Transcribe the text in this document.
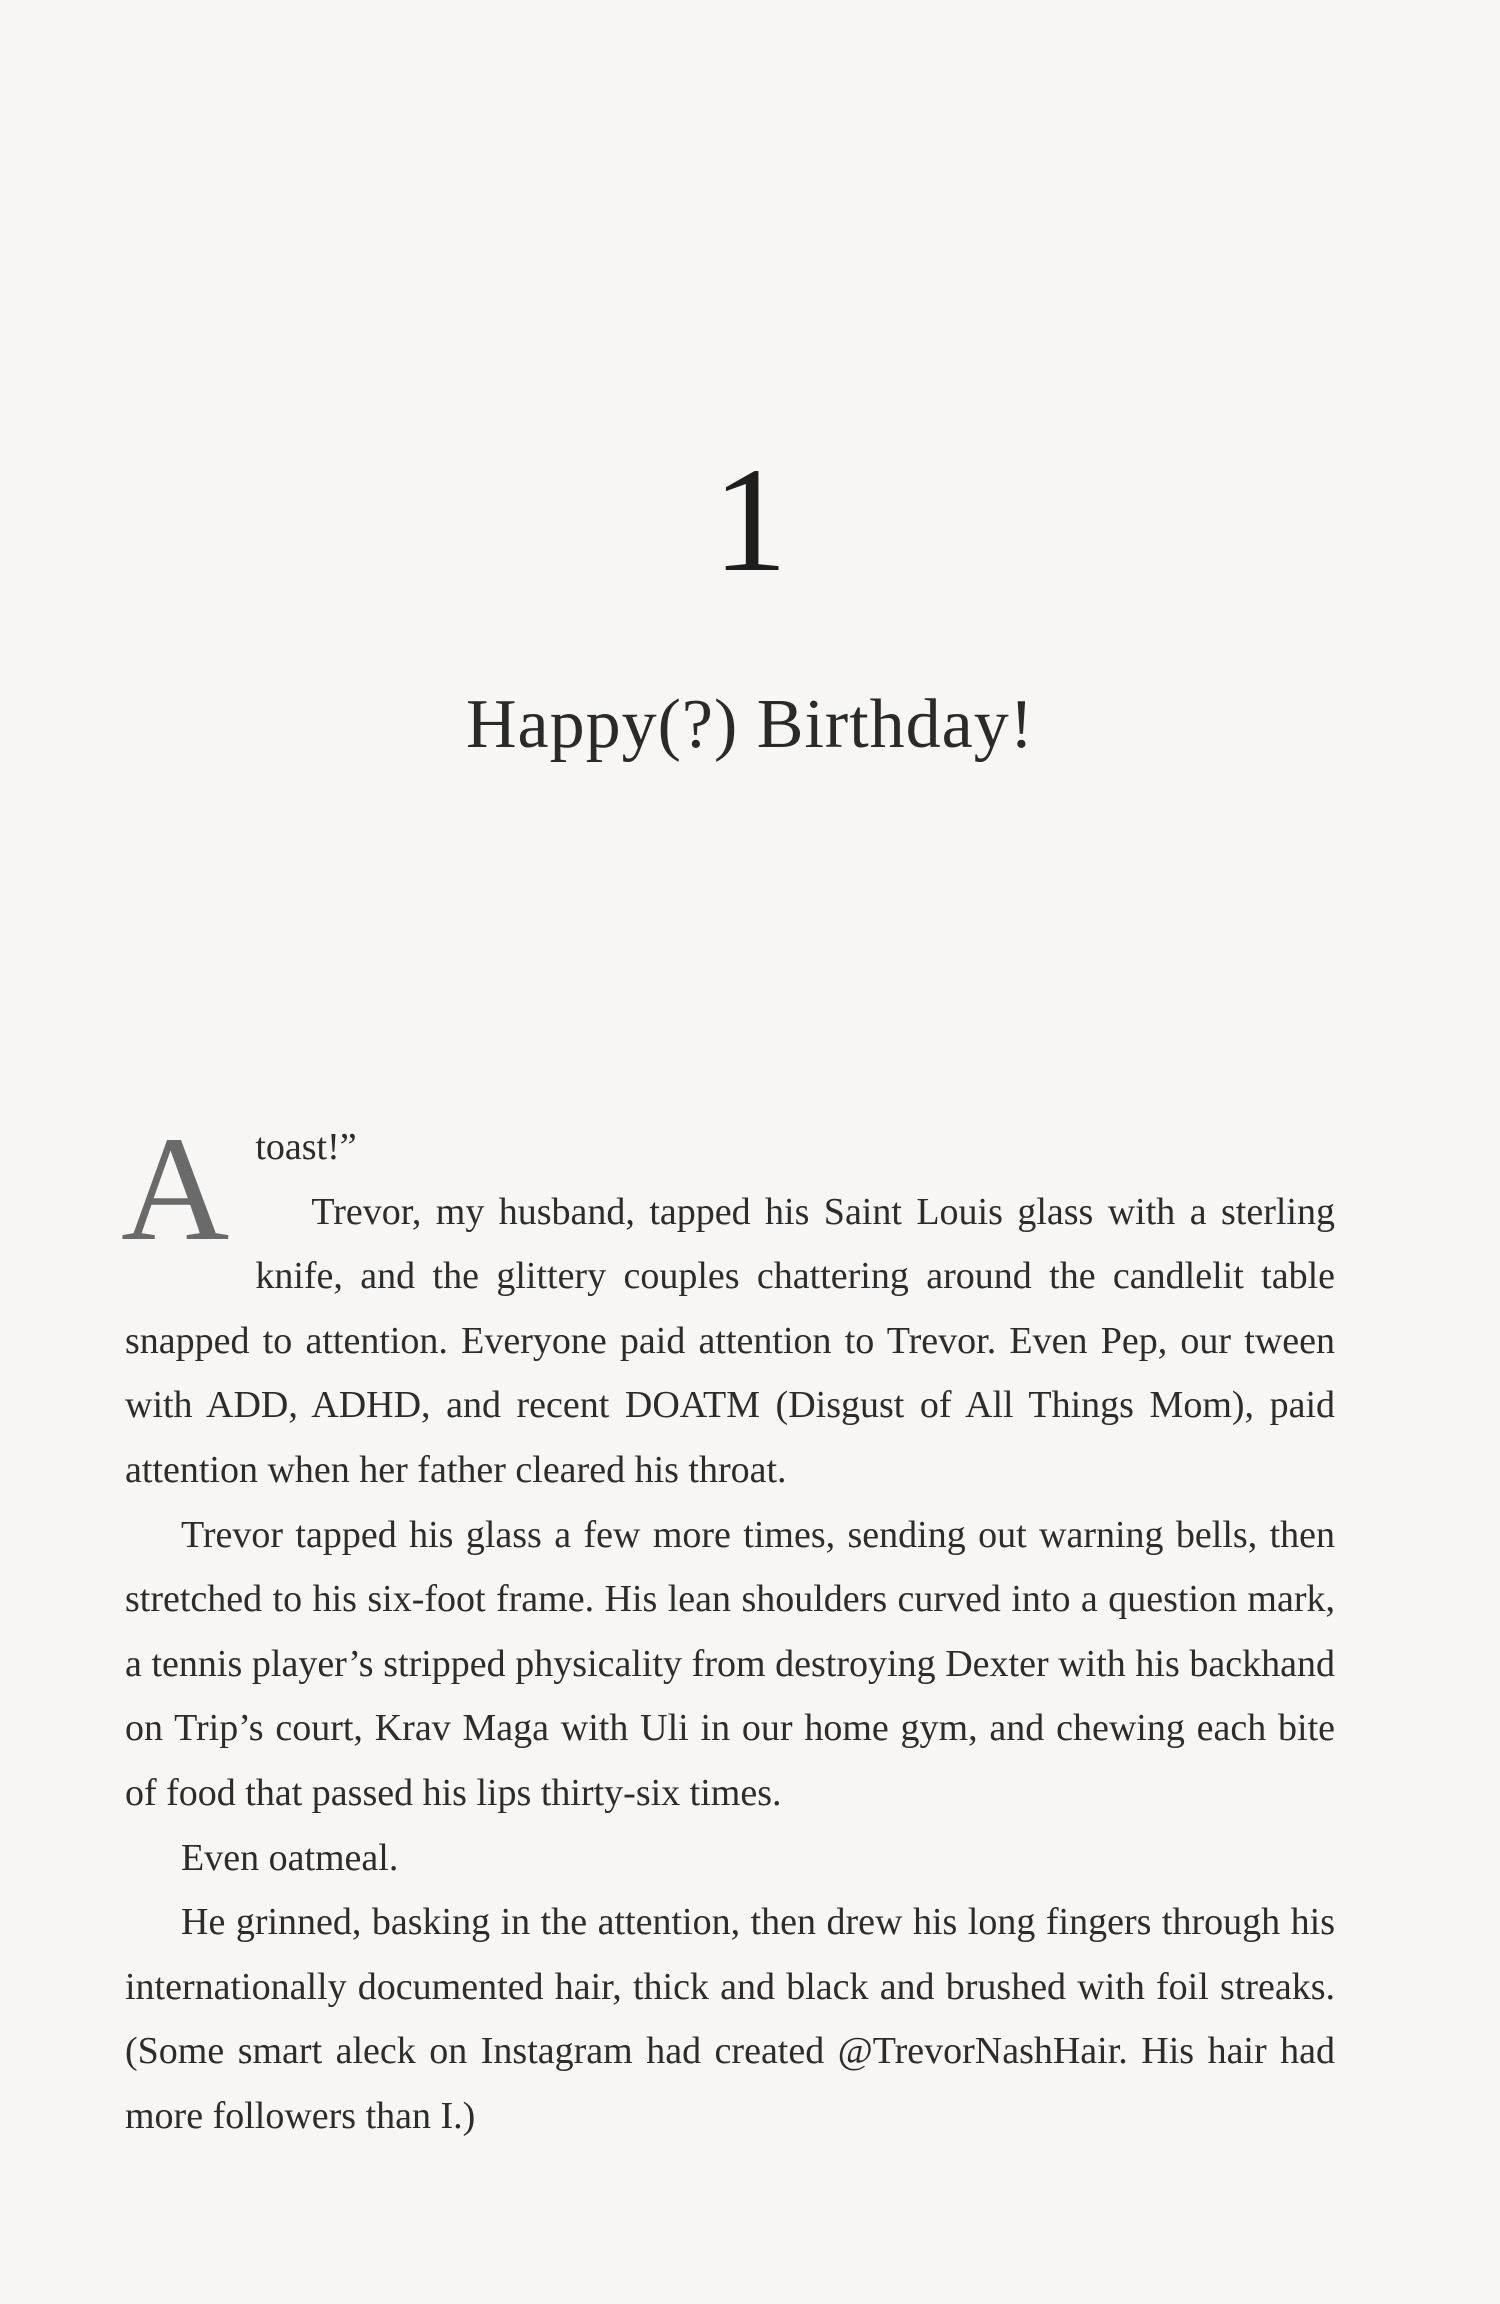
1
Happy(?) Birthday!

Atoast!”
Trevor, my husband, tapped his Saint Louis glass with a sterling knife, and the glittery couples chattering around the candlelit table snapped to attention. Everyone paid attention to Trevor. Even Pep, our tween with ADD, ADHD, and recent DOATM (Disgust of All Things Mom), paid attention when her father cleared his throat.

Trevor tapped his glass a few more times, sending out warning bells, then stretched to his six-foot frame. His lean shoulders curved into a question mark, a tennis player’s stripped physicality from destroying Dexter with his backhand on Trip’s court, Krav Maga with Uli in our home gym, and chewing each bite of food that passed his lips thirty-six times.

Even oatmeal.

He grinned, basking in the attention, then drew his long fingers through his internationally documented hair, thick and black and brushed with foil streaks. (Some smart aleck on Instagram had created @TrevorNashHair. His hair had more followers than I.)
